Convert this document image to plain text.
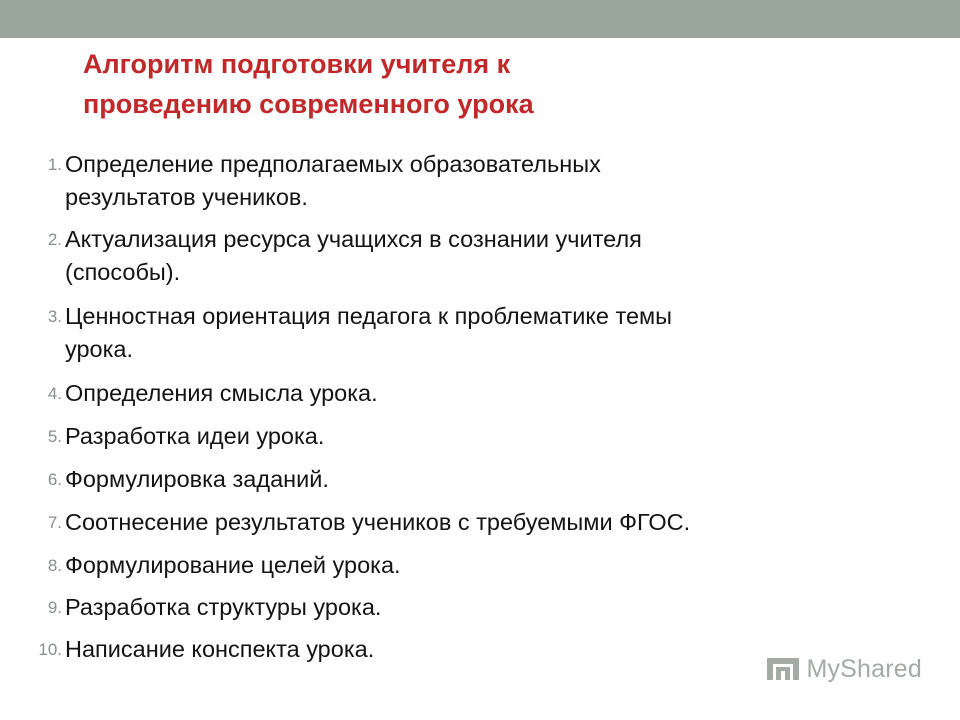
Алгоритм подготовки учителя к
проведению современного урока
1. Определение предполагаемых образовательных
результатов учеников.
2. Актуализация ресурса учащихся в сознании учителя
(способы).
3. Ценностная ориентация педагога к проблематике темы
урока.
4. Определения смысла урока.
5. Разработка идеи урока.
6. Формулировка заданий.
7. Соотнесение результатов учеников с требуемыми ФГОС.
8. Формулирование целей урока.
9. Разработка структуры урока.
10. Написание конспекта урока.
MyShared
